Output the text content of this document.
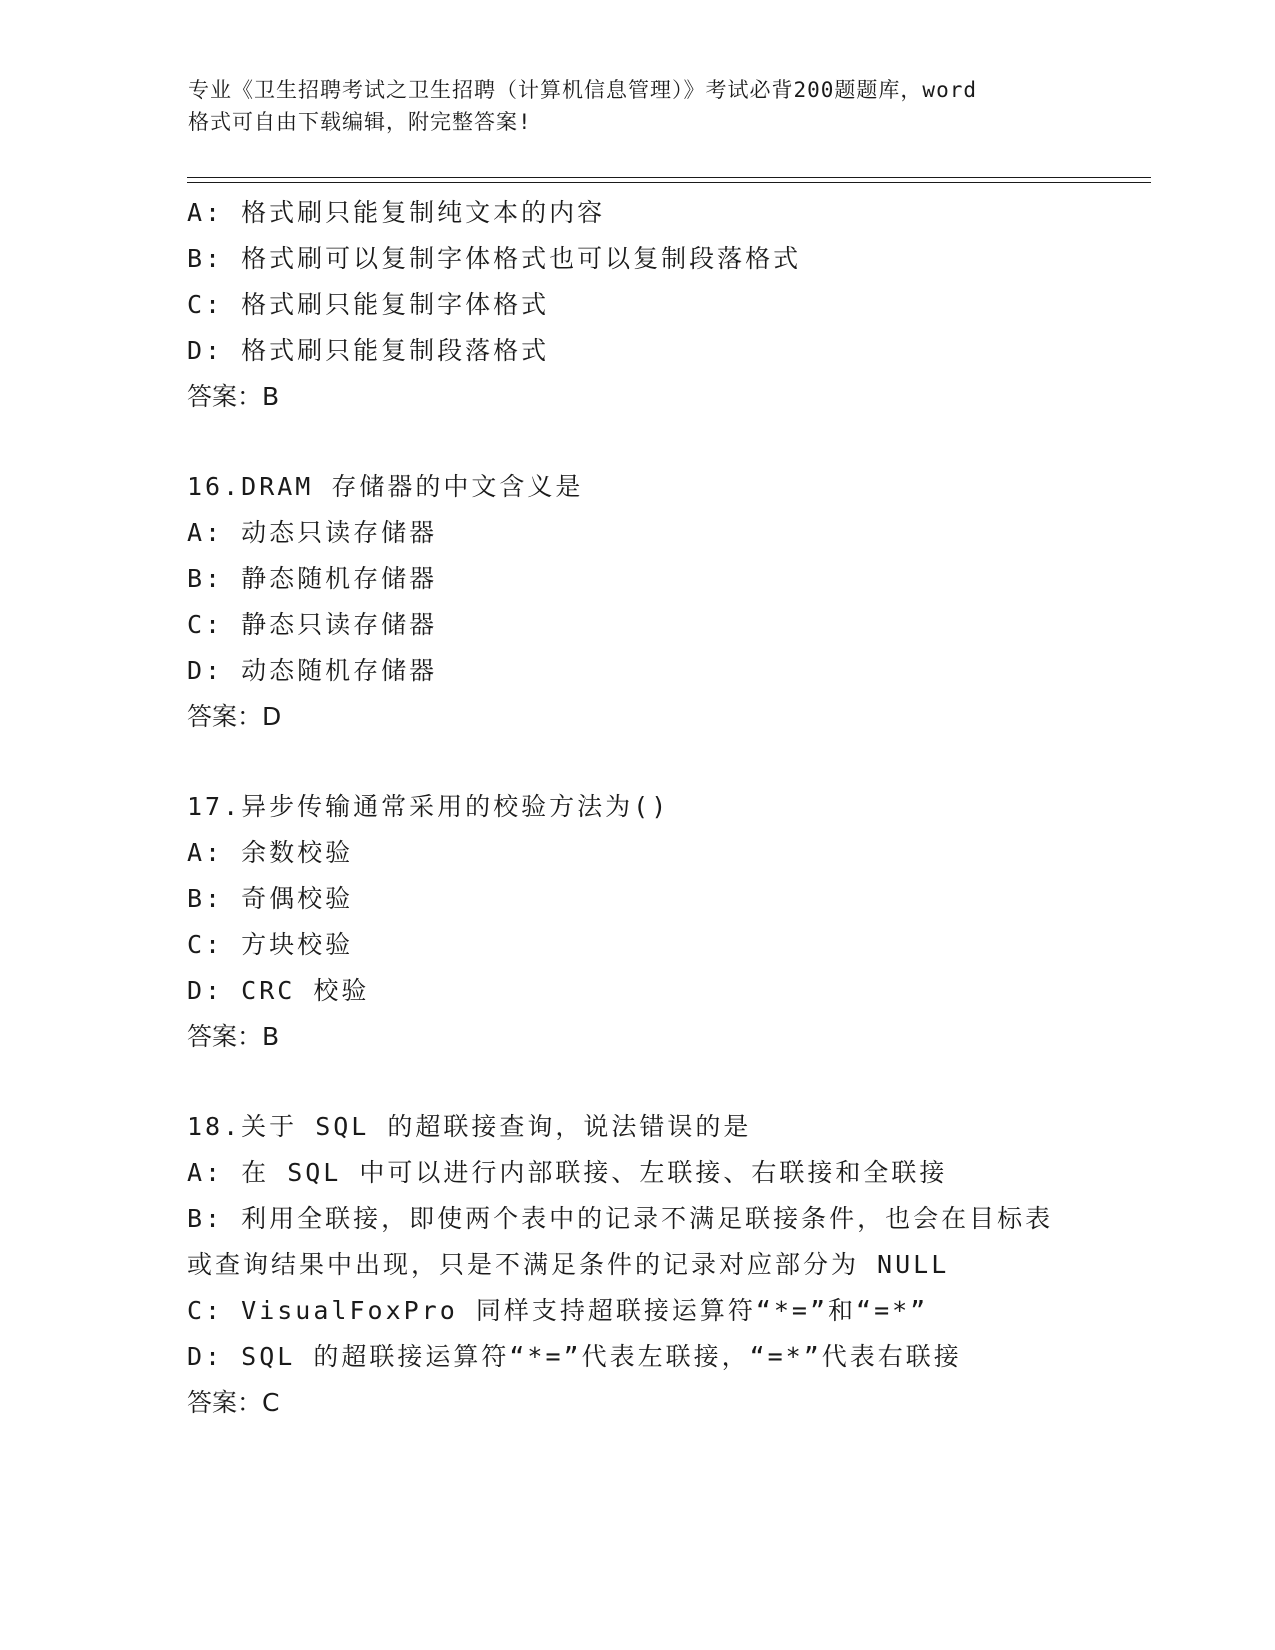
专业《卫生招聘考试之卫生招聘（计算机信息管理）》考试必背200题题库，word
格式可自由下载编辑，附完整答案!
A: 格式刷只能复制纯文本的内容
B: 格式刷可以复制字体格式也可以复制段落格式
C: 格式刷只能复制字体格式
D: 格式刷只能复制段落格式
答案：B
16.DRAM 存储器的中文含义是
A: 动态只读存储器
B: 静态随机存储器
C: 静态只读存储器
D: 动态随机存储器
答案：D
17.异步传输通常采用的校验方法为()
A: 余数校验
B: 奇偶校验
C: 方块校验
D: CRC 校验
答案：B
18.关于 SQL 的超联接查询，说法错误的是
A: 在 SQL 中可以进行内部联接、左联接、右联接和全联接
B: 利用全联接，即使两个表中的记录不满足联接条件，也会在目标表
或查询结果中出现，只是不满足条件的记录对应部分为 NULL
C: VisualFoxPro 同样支持超联接运算符“*=”和“=*”
D: SQL 的超联接运算符“*=”代表左联接，“=*”代表右联接
答案：C
